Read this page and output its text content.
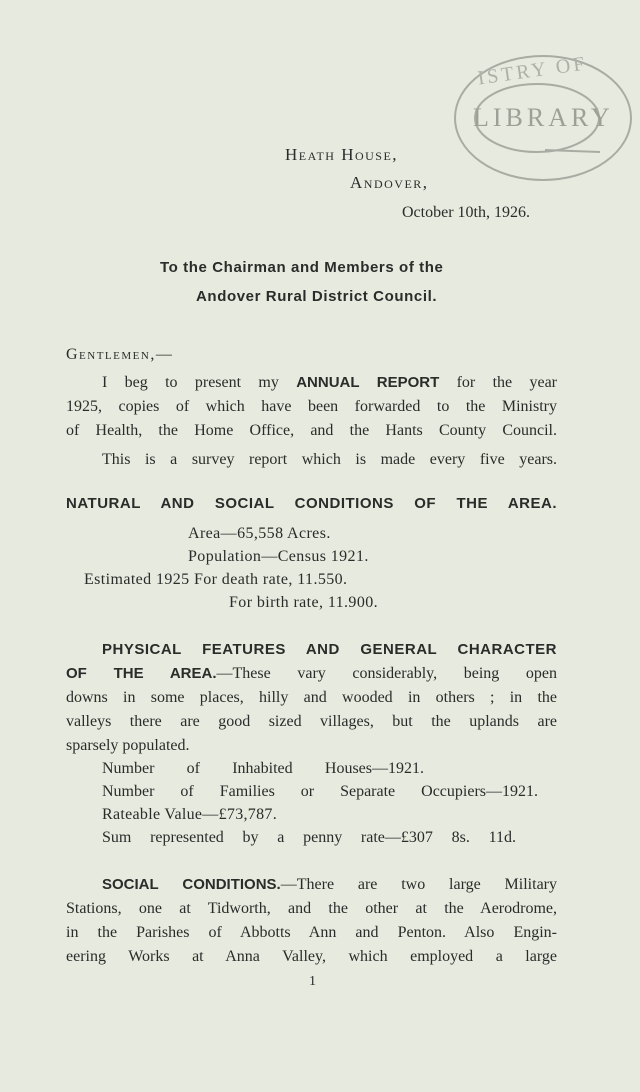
ISTRY OF
LIBRARY
Heath House,
Andover,
October 10th, 1926.
To the Chairman and Members of the
Andover Rural District Council.
Gentlemen,—
I beg to present my ANNUAL REPORT for the year
1925, copies of which have been forwarded to the Ministry
of Health, the Home Office, and the Hants County Council.
This is a survey report which is made every five years.
NATURAL AND SOCIAL CONDITIONS OF THE AREA.
Area—65,558 Acres.
Population—Census 1921.
Estimated 1925 For death rate, 11.550.
For birth rate, 11.900.
PHYSICAL FEATURES AND GENERAL CHARACTER
OF THE AREA.—These vary considerably, being open
downs in some places, hilly and wooded in others ; in the
valleys there are good sized villages, but the uplands are
sparsely populated.
Number of Inhabited Houses—1921.
Number of Families or Separate Occupiers—1921.
Rateable Value—£73,787.
Sum represented by a penny rate—£307 8s. 11d.
SOCIAL CONDITIONS.—There are two large Military
Stations, one at Tidworth, and the other at the Aerodrome,
in the Parishes of Abbotts Ann and Penton. Also Engin-
eering Works at Anna Valley, which employed a large
1
